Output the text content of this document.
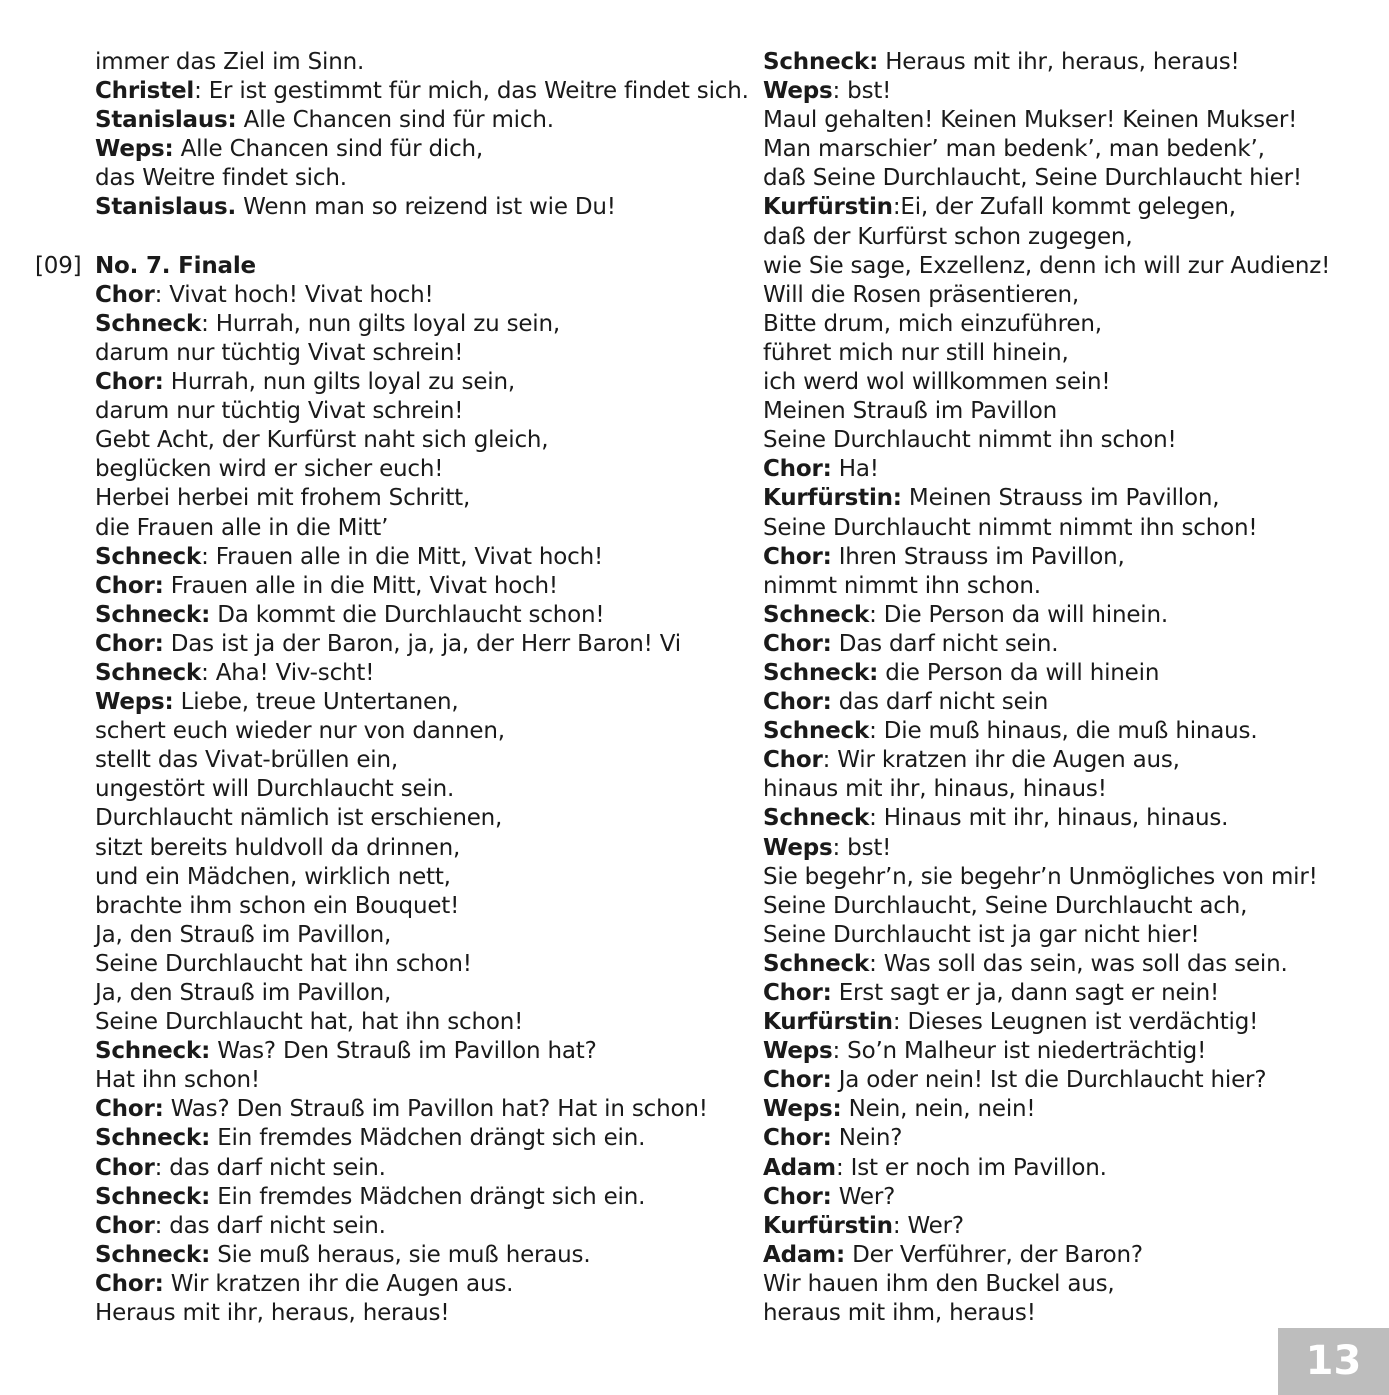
immer das Ziel im Sinn.
Christel: Er ist gestimmt für mich, das Weitre findet sich.
Stanislaus: Alle Chancen sind für mich.
Weps: Alle Chancen sind für dich,
das Weitre findet sich.
Stanislaus. Wenn man so reizend ist wie Du!
[09] No. 7. Finale
Chor: Vivat hoch! Vivat hoch!
Schneck: Hurrah, nun gilts loyal zu sein,
darum nur tüchtig Vivat schrein!
Chor: Hurrah, nun gilts loyal zu sein,
darum nur tüchtig Vivat schrein!
Gebt Acht, der Kurfürst naht sich gleich,
beglücken wird er sicher euch!
Herbei herbei mit frohem Schritt,
die Frauen alle in die Mitt’
Schneck: Frauen alle in die Mitt, Vivat hoch!
Chor: Frauen alle in die Mitt, Vivat hoch!
Schneck: Da kommt die Durchlaucht schon!
Chor: Das ist ja der Baron, ja, ja, der Herr Baron! Vi
Schneck: Aha! Viv-scht!
Weps: Liebe, treue Untertanen,
schert euch wieder nur von dannen,
stellt das Vivat-brüllen ein,
ungestört will Durchlaucht sein.
Durchlaucht nämlich ist erschienen,
sitzt bereits huldvoll da drinnen,
und ein Mädchen, wirklich nett,
brachte ihm schon ein Bouquet!
Ja, den Strauß im Pavillon,
Seine Durchlaucht hat ihn schon!
Ja, den Strauß im Pavillon,
Seine Durchlaucht hat, hat ihn schon!
Schneck: Was? Den Strauß im Pavillon hat?
Hat ihn schon!
Chor: Was? Den Strauß im Pavillon hat? Hat in schon!
Schneck: Ein fremdes Mädchen drängt sich ein.
Chor: das darf nicht sein.
Schneck: Ein fremdes Mädchen drängt sich ein.
Chor: das darf nicht sein.
Schneck: Sie muß heraus, sie muß heraus.
Chor: Wir kratzen ihr die Augen aus.
Heraus mit ihr, heraus, heraus!
Schneck: Heraus mit ihr, heraus, heraus!
Weps: bst!
Maul gehalten! Keinen Mukser! Keinen Mukser!
Man marschier’ man bedenk’, man bedenk’,
daß Seine Durchlaucht, Seine Durchlaucht hier!
Kurfürstin:Ei, der Zufall kommt gelegen,
daß der Kurfürst schon zugegen,
wie Sie sage, Exzellenz, denn ich will zur Audienz!
Will die Rosen präsentieren,
Bitte drum, mich einzuführen,
führet mich nur still hinein,
ich werd wol willkommen sein!
Meinen Strauß im Pavillon
Seine Durchlaucht nimmt ihn schon!
Chor: Ha!
Kurfürstin: Meinen Strauss im Pavillon,
Seine Durchlaucht nimmt nimmt ihn schon!
Chor: Ihren Strauss im Pavillon,
nimmt nimmt ihn schon.
Schneck: Die Person da will hinein.
Chor: Das darf nicht sein.
Schneck: die Person da will hinein
Chor: das darf nicht sein
Schneck: Die muß hinaus, die muß hinaus.
Chor: Wir kratzen ihr die Augen aus,
hinaus mit ihr, hinaus, hinaus!
Schneck: Hinaus mit ihr, hinaus, hinaus.
Weps: bst!
Sie begehr’n, sie begehr’n Unmögliches von mir!
Seine Durchlaucht, Seine Durchlaucht ach,
Seine Durchlaucht ist ja gar nicht hier!
Schneck: Was soll das sein, was soll das sein.
Chor: Erst sagt er ja, dann sagt er nein!
Kurfürstin: Dieses Leugnen ist verdächtig!
Weps: So’n Malheur ist niederträchtig!
Chor: Ja oder nein! Ist die Durchlaucht hier?
Weps: Nein, nein, nein!
Chor: Nein?
Adam: Ist er noch im Pavillon.
Chor: Wer?
Kurfürstin: Wer?
Adam: Der Verführer, der Baron?
Wir hauen ihm den Buckel aus,
heraus mit ihm, heraus!
13
